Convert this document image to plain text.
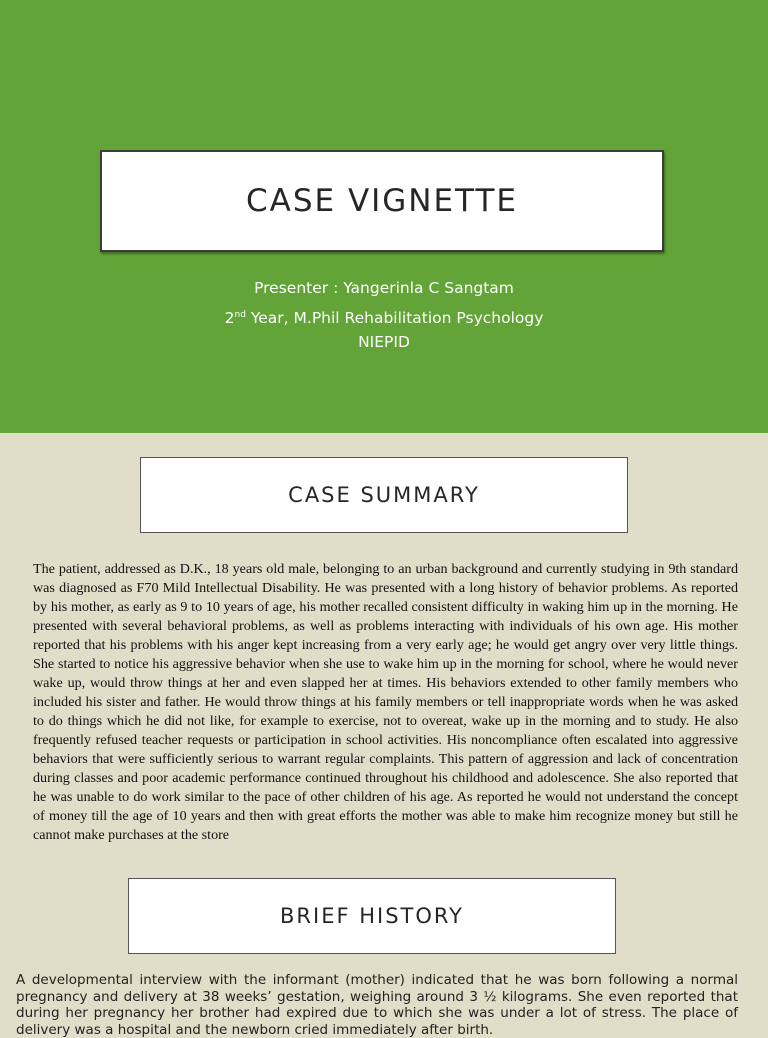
CASE VIGNETTE
Presenter : Yangerinla C Sangtam
2nd Year, M.Phil Rehabilitation Psychology
NIEPID
CASE SUMMARY

The patient, addressed as D.K., 18 years old male, belonging to an urban background and currently studying in 9th standard was diagnosed as F70 Mild Intellectual Disability. He was presented with a long history of behavior problems. As reported by his mother, as early as 9 to 10 years of age, his mother recalled consistent difficulty in waking him up in the morning. He presented with several behavioral problems, as well as problems interacting with individuals of his own age. His mother reported that his problems with his anger kept increasing from a very early age; he would get angry over very little things. She started to notice his aggressive behavior when she use to wake him up in the morning for school, where he would never wake up, would throw things at her and even slapped her at times. His behaviors extended to other family members who included his sister and father. He would throw things at his family members or tell inappropriate words when he was asked to do things which he did not like, for example to exercise, not to overeat, wake up in the morning and to study. He also frequently refused teacher requests or participation in school activities. His noncompliance often escalated into aggressive behaviors that were sufficiently serious to warrant regular complaints. This pattern of aggression and lack of concentration during classes and poor academic performance continued throughout his childhood and adolescence. She also reported that he was unable to do work similar to the pace of other children of his age. As reported he would not understand the concept of money till the age of 10 years and then with great efforts the mother was able to make him recognize money but still he cannot make purchases at the store

BRIEF HISTORY

A developmental interview with the informant (mother) indicated that he was born following a normal pregnancy and delivery at 38 weeks’ gestation, weighing around 3 ½ kilograms. She even reported that during her pregnancy her brother had expired due to which she was under a lot of stress. The place of delivery was a hospital and the newborn cried immediately after birth.
